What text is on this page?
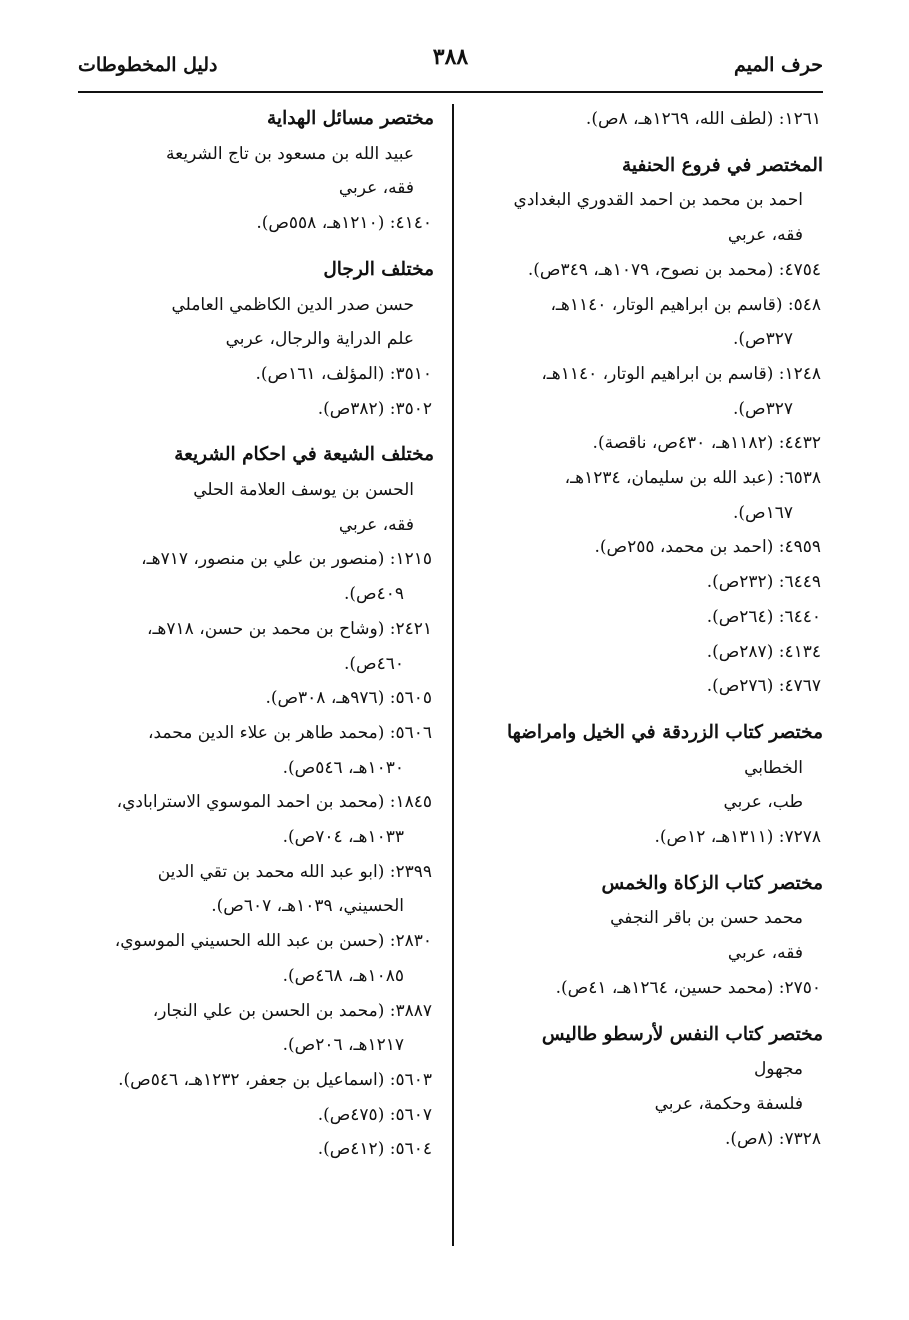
حرف الميم
٣٨٨
دليل المخطوطات
١٢٦١: (لطف الله، ١٢٦٩هـ، ٨ص).
المختصر في فروع الحنفية
احمد بن محمد بن احمد القدوري البغدادي
فقه، عربي
٤٧٥٤: (محمد بن نصوح، ١٠٧٩هـ، ٣٤٩ص).
٥٤٨: (قاسم بن ابراهيم الوتار، ١١٤٠هـ،
٣٢٧ص).
١٢٤٨: (قاسم بن ابراهيم الوتار، ١١٤٠هـ،
٣٢٧ص).
٤٤٣٢: (١١٨٢هـ، ٤٣٠ص، ناقصة).
٦٥٣٨: (عبد الله بن سليمان، ١٢٣٤هـ،
١٦٧ص).
٤٩٥٩: (احمد بن محمد، ٢٥٥ص).
٦٤٤٩: (٢٣٢ص).
٦٤٤٠: (٢٦٤ص).
٤١٣٤: (٢٨٧ص).
٤٧٦٧: (٢٧٦ص).
مختصر كتاب الزردقة في الخيل وامراضها
الخطابي
طب، عربي
٧٢٧٨: (١٣١١هـ، ١٢ص).
مختصر كتاب الزكاة والخمس
محمد حسن بن باقر النجفي
فقه، عربي
٢٧٥٠: (محمد حسين، ١٢٦٤هـ، ٤١ص).
مختصر كتاب النفس لأرسطو طاليس
مجهول
فلسفة وحكمة، عربي
٧٣٢٨: (٨ص).
مختصر مسائل الهداية
عبيد الله بن مسعود بن تاج الشريعة
فقه، عربي
٤١٤٠: (١٢١٠هـ، ٥٥٨ص).
مختلف الرجال
حسن صدر الدين الكاظمي العاملي
علم الدراية والرجال، عربي
٣٥١٠: (المؤلف، ١٦١ص).
٣٥٠٢: (٣٨٢ص).
مختلف الشيعة في احكام الشريعة
الحسن بن يوسف العلامة الحلي
فقه، عربي
١٢١٥: (منصور بن علي بن منصور، ٧١٧هـ،
٤٠٩ص).
٢٤٢١: (وشاح بن محمد بن حسن، ٧١٨هـ،
٤٦٠ص).
٥٦٠٥: (٩٧٦هـ، ٣٠٨ص).
٥٦٠٦: (محمد طاهر بن علاء الدين محمد،
١٠٣٠هـ، ٥٤٦ص).
١٨٤٥: (محمد بن احمد الموسوي الاسترابادي،
١٠٣٣هـ، ٧٠٤ص).
٢٣٩٩: (ابو عبد الله محمد بن تقي الدين
الحسيني، ١٠٣٩هـ، ٦٠٧ص).
٢٨٣٠: (حسن بن عبد الله الحسيني الموسوي،
١٠٨٥هـ، ٤٦٨ص).
٣٨٨٧: (محمد بن الحسن بن علي النجار،
١٢١٧هـ، ٢٠٦ص).
٥٦٠٣: (اسماعيل بن جعفر، ١٢٣٢هـ، ٥٤٦ص).
٥٦٠٧: (٤٧٥ص).
٥٦٠٤: (٤١٢ص).
